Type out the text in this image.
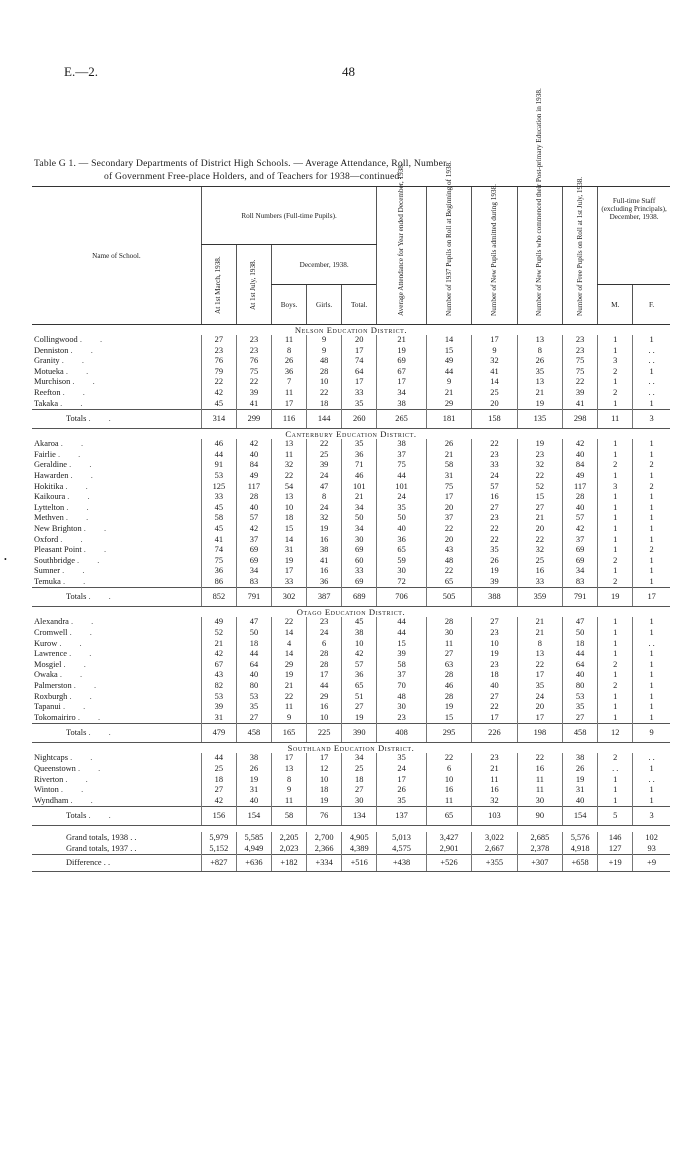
E.—2.	48
Table G 1. — Secondary Departments of District High Schools. — Average Attendance, Roll, Number
of Government Free-place Holders, and of Teachers for 1938—continued.
Name of School.	Roll Numbers (Full-time Pupils).					Average Attendance for Year ended December, 1938.	Number of 1937 Pupils on Roll at Beginning of 1938.	Number of New Pupils admitted during 1938.	Number of New Pupils who commenced their Post-primary Education in 1938.	Number of Free Pupils on Roll at 1st July, 1938.	Full-time Staff (excluding Principals), December, 1938.	

	At 1st March, 1938.	At 1st July, 1938.	December, 1938.									
			Boys.	Girls.	Total.						M.	F.
Nelson Education District.												
Collingwood . .	27	23	11	9	20	21	14	17	13	23	1	1
Denniston . .	23	23	8	9	17	19	15	9	8	23	1	. .
Granity . .	76	76	26	48	74	69	49	32	26	75	3	. .
Motueka . .	79	75	36	28	64	67	44	41	35	75	2	1
Murchison . .	22	22	7	10	17	17	9	14	13	22	1	. .
Reefton . .	42	39	11	22	33	34	21	25	21	39	2	. .
Takaka . .	45	41	17	18	35	38	29	20	19	41	1	1
Totals . .	314	299	116	144	260	265	181	158	135	298	11	3
Canterbury Education District.												
Akaroa . .	46	42	13	22	35	38	26	22	19	42	1	1
Fairlie . .	44	40	11	25	36	37	21	23	23	40	1	1
Geraldine . .	91	84	32	39	71	75	58	33	32	84	2	2
Hawarden . .	53	49	22	24	46	44	31	24	22	49	1	1
Hokitika . .	125	117	54	47	101	101	75	57	52	117	3	2
Kaikoura . .	33	28	13	8	21	24	17	16	15	28	1	1
Lyttelton . .	45	40	10	24	34	35	20	27	27	40	1	1
Methven . .	58	57	18	32	50	50	37	23	21	57	1	1
New Brighton . .	45	42	15	19	34	40	22	22	20	42	1	1
Oxford . .	41	37	14	16	30	36	20	22	22	37	1	1
Pleasant Point . .	74	69	31	38	69	65	43	35	32	69	1	2
Southbridge . .	75	69	19	41	60	59	48	26	25	69	2	1
Sumner . .	36	34	17	16	33	30	22	19	16	34	1	1
Temuka . .	86	83	33	36	69	72	65	39	33	83	2	1
Totals . .	852	791	302	387	689	706	505	388	359	791	19	17
Otago Education District.												
Alexandra . .	49	47	22	23	45	44	28	27	21	47	1	1
Cromwell . .	52	50	14	24	38	44	30	23	21	50	1	1
Kurow . .	21	18	4	6	10	15	11	10	8	18	1	. .
Lawrence . .	42	44	14	28	42	39	27	19	13	44	1	1
Mosgiel . .	67	64	29	28	57	58	63	23	22	64	2	1
Owaka . .	43	40	19	17	36	37	28	18	17	40	1	1
Palmerston . .	82	80	21	44	65	70	46	40	35	80	2	1
Roxburgh . .	53	53	22	29	51	48	28	27	24	53	1	1
Tapanui . .	39	35	11	16	27	30	19	22	20	35	1	1
Tokomairiro . .	31	27	9	10	19	23	15	17	17	27	1	1
Totals . .	479	458	165	225	390	408	295	226	198	458	12	9
Southland Education District.												
Nightcaps . .	44	38	17	17	34	35	22	23	22	38	2	. .
Queenstown . .	25	26	13	12	25	24	6	21	16	26	. .	1
Riverton . .	18	19	8	10	18	17	10	11	11	19	1	. .
Winton . .	27	31	9	18	27	26	16	16	11	31	1	1
Wyndham . .	42	40	11	19	30	35	11	32	30	40	1	1
Totals . .	156	154	58	76	134	137	65	103	90	154	5	3

Grand totals, 1938 . .	5,979	5,585	2,205	2,700	4,905	5,013	3,427	3,022	2,685	5,576	146	102
Grand totals, 1937 . .	5,152	4,949	2,023	2,366	4,389	4,575	2,901	2,667	2,378	4,918	127	93
Difference . .	+827	+636	+182	+334	+516	+438	+526	+355	+307	+658	+19	+9
•
